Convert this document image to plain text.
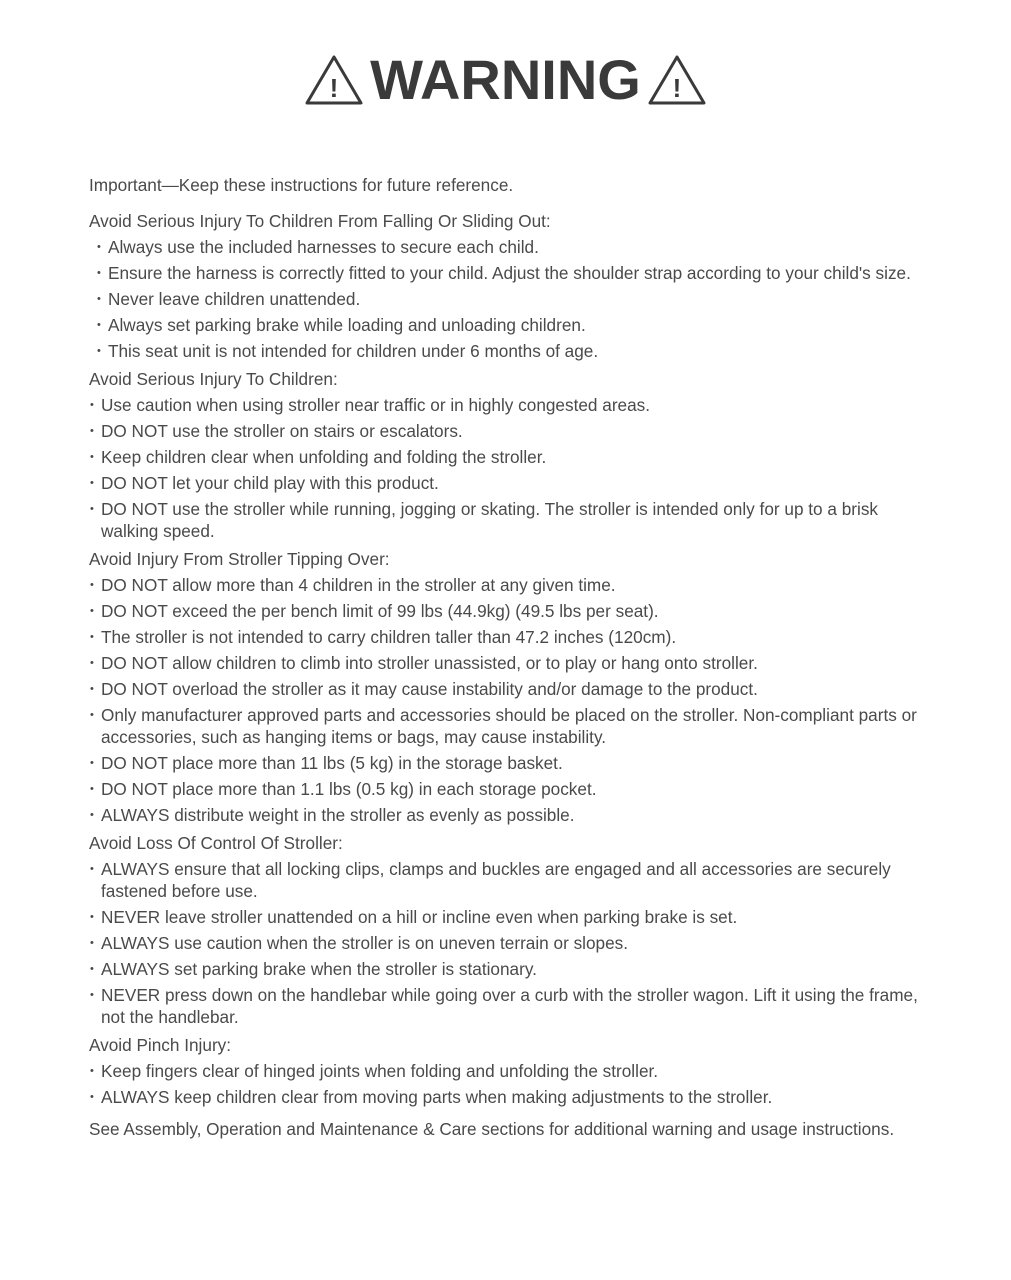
! WARNING !

Important—Keep these instructions for future reference.

Avoid Serious Injury To Children From Falling Or Sliding Out:

• Always use the included harnesses to secure each child.

• Ensure the harness is correctly fitted to your child. Adjust the shoulder strap according to your child's size.

• Never leave children unattended.

• Always set parking brake while loading and unloading children.

• This seat unit is not intended for children under 6 months of age.

Avoid Serious Injury To Children:

• Use caution when using stroller near traffic or in highly congested areas.

• DO NOT use the stroller on stairs or escalators.

• Keep children clear when unfolding and folding the stroller.

• DO NOT let your child play with this product.

• DO NOT use the stroller while running, jogging or skating. The stroller is intended only for up to a brisk walking speed.

Avoid Injury From Stroller Tipping Over:

• DO NOT allow more than 4 children in the stroller at any given time.

• DO NOT exceed the per bench limit of 99 lbs (44.9kg) (49.5 lbs per seat).

• The stroller is not intended to carry children taller than 47.2 inches (120cm).

• DO NOT allow children to climb into stroller unassisted, or to play or hang onto stroller.

• DO NOT overload the stroller as it may cause instability and/or damage to the product.

• Only manufacturer approved parts and accessories should be placed on the stroller. Non-compliant parts or accessories, such as hanging items or bags, may cause instability.

• DO NOT place more than 11 lbs (5 kg) in the storage basket.

• DO NOT place more than 1.1 lbs (0.5 kg) in each storage pocket.

• ALWAYS distribute weight in the stroller as evenly as possible.

Avoid Loss Of Control Of Stroller:

• ALWAYS ensure that all locking clips, clamps and buckles are engaged and all accessories are securely fastened before use.

• NEVER leave stroller unattended on a hill or incline even when parking brake is set.

• ALWAYS use caution when the stroller is on uneven terrain or slopes.

• ALWAYS set parking brake when the stroller is stationary.

• NEVER press down on the handlebar while going over a curb with the stroller wagon. Lift it using the frame, not the handlebar.

Avoid Pinch Injury:

• Keep fingers clear of hinged joints when folding and unfolding the stroller.

• ALWAYS keep children clear from moving parts when making adjustments to the stroller.

See Assembly, Operation and Maintenance & Care sections for additional warning and usage instructions.
